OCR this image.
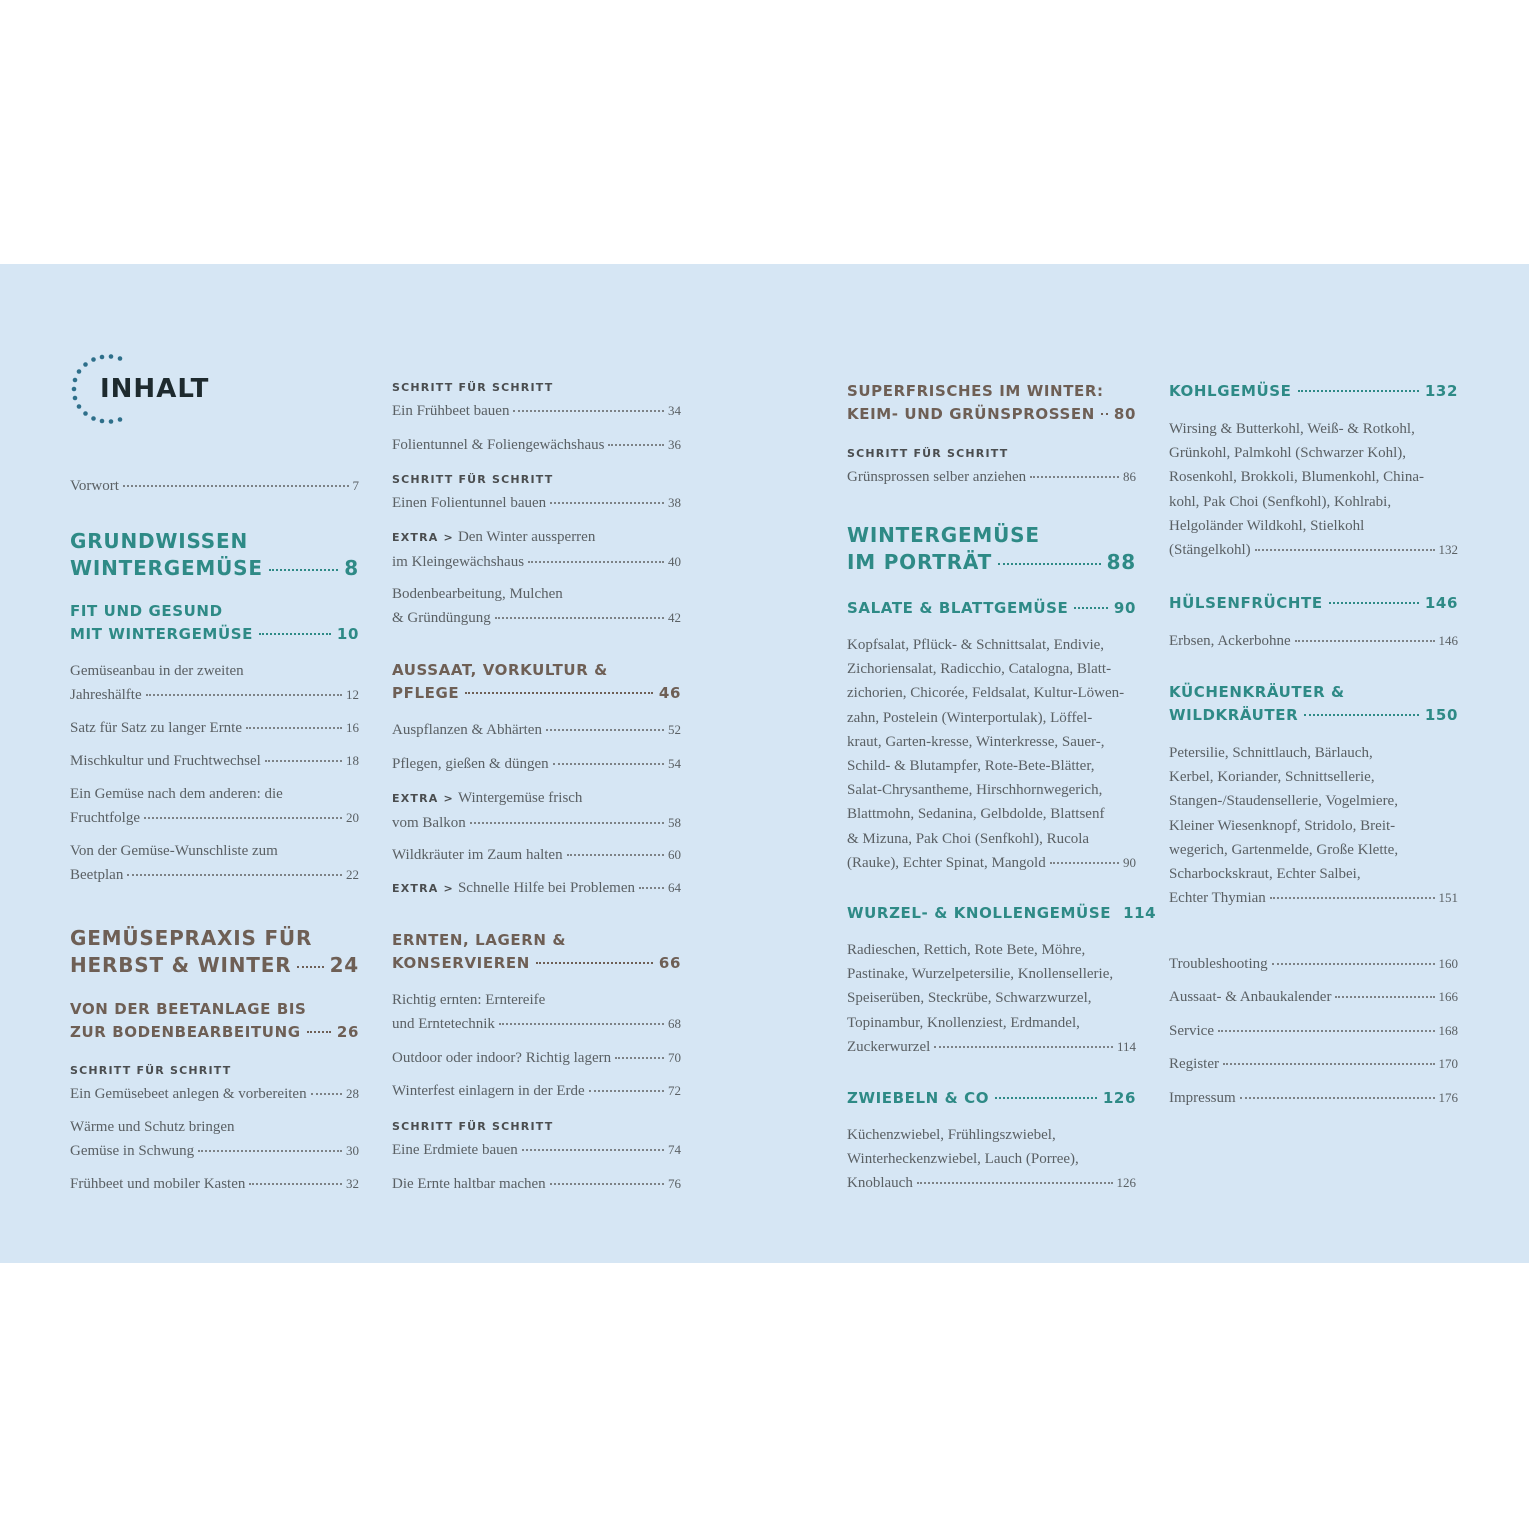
INHALT
Vorwort	7
GRUNDWISSEN
WINTERGEMÜSE	8
FIT UND GESUND
MIT WINTERGEMÜSE	10
Gemüseanbau in der zweiten
Jahreshälfte	12
Satz für Satz zu langer Ernte	16
Mischkultur und Fruchtwechsel	18
Ein Gemüse nach dem anderen: die
Fruchtfolge	20
Von der Gemüse-Wunschliste zum
Beetplan	22
GEMÜSEPRAXIS FÜR
HERBST & WINTER 24
VON DER BEETANLAGE BIS
ZUR BODENBEARBEITUNG 26
SCHRITT FÜR SCHRITT
Ein Gemüsebeet anlegen & vorbereiten	28
Wärme und Schutz bringen
Gemüse in Schwung	30
Frühbeet und mobiler Kasten	32
SCHRITT FÜR SCHRITT
Ein Frühbeet bauen	34
Folientunnel & Foliengewächshaus	36
SCHRITT FÜR SCHRITT
Einen Folientunnel bauen	38
EXTRA > Den Winter aussperren
im Kleingewächshaus	40
Bodenbearbeitung, Mulchen
& Gründüngung	42
AUSSAAT, VORKULTUR &
PFLEGE	46
Auspflanzen & Abhärten	52
Pflegen, gießen & düngen	54
EXTRA > Wintergemüse frisch
vom Balkon	58
Wildkräuter im Zaum halten	60
EXTRA > Schnelle Hilfe bei Problemen	64
ERNTEN, LAGERN &
KONSERVIEREN	66
Richtig ernten: Erntereife
und Erntetechnik	68
Outdoor oder indoor? Richtig lagern	70
Winterfest einlagern in der Erde	72
SCHRITT FÜR SCHRITT
Eine Erdmiete bauen	74
Die Ernte haltbar machen	76
SUPERFRISCHES IM WINTER:
KEIM- UND GRÜNSPROSSEN 80
SCHRITT FÜR SCHRITT
Grünsprossen selber anziehen	86
WINTERGEMÜSE
IM PORTRÄT	88
SALATE & BLATTGEMÜSE	90
Kopfsalat, Pflück- & Schnittsalat, Endivie,
Zichoriensalat, Radicchio, Catalogna, Blatt-
zichorien, Chicorée, Feldsalat, Kultur-Löwen-
zahn, Postelein (Winterportulak), Löffel-
kraut, Garten-kresse, Winterkresse, Sauer-,
Schild- & Blutampfer, Rote-Bete-Blätter,
Salat-Chrysantheme, Hirschhornwegerich,
Blattmohn, Sedanina, Gelbdolde, Blattsenf
& Mizuna, Pak Choi (Senfkohl), Rucola
(Rauke), Echter Spinat, Mangold	90
WURZEL- & KNOLLENGEMÜSE 114
Radieschen, Rettich, Rote Bete, Möhre,
Pastinake, Wurzelpetersilie, Knollensellerie,
Speiserüben, Steckrübe, Schwarzwurzel,
Topinambur, Knollenziest, Erdmandel,
Zuckerwurzel	114
ZWIEBELN & CO	126
Küchenzwiebel, Frühlingszwiebel,
Winterheckenzwiebel, Lauch (Porree),
Knoblauch	126
KOHLGEMÜSE	132
Wirsing & Butterkohl, Weiß- & Rotkohl,
Grünkohl, Palmkohl (Schwarzer Kohl),
Rosenkohl, Brokkoli, Blumenkohl, China-
kohl, Pak Choi (Senfkohl), Kohlrabi,
Helgoländer Wildkohl, Stielkohl
(Stängelkohl)	132
HÜLSENFRÜCHTE	146
Erbsen, Ackerbohne	146
KÜCHENKRÄUTER &
WILDKRÄUTER	150
Petersilie, Schnittlauch, Bärlauch,
Kerbel, Koriander, Schnittsellerie,
Stangen-/Staudensellerie, Vogelmiere,
Kleiner Wiesenknopf, Stridolo, Breit-
wegerich, Gartenmelde, Große Klette,
Scharbockskraut, Echter Salbei,
Echter Thymian	151
Troubleshooting	160
Aussaat- & Anbaukalender	166
Service	168
Register	170
Impressum	176
